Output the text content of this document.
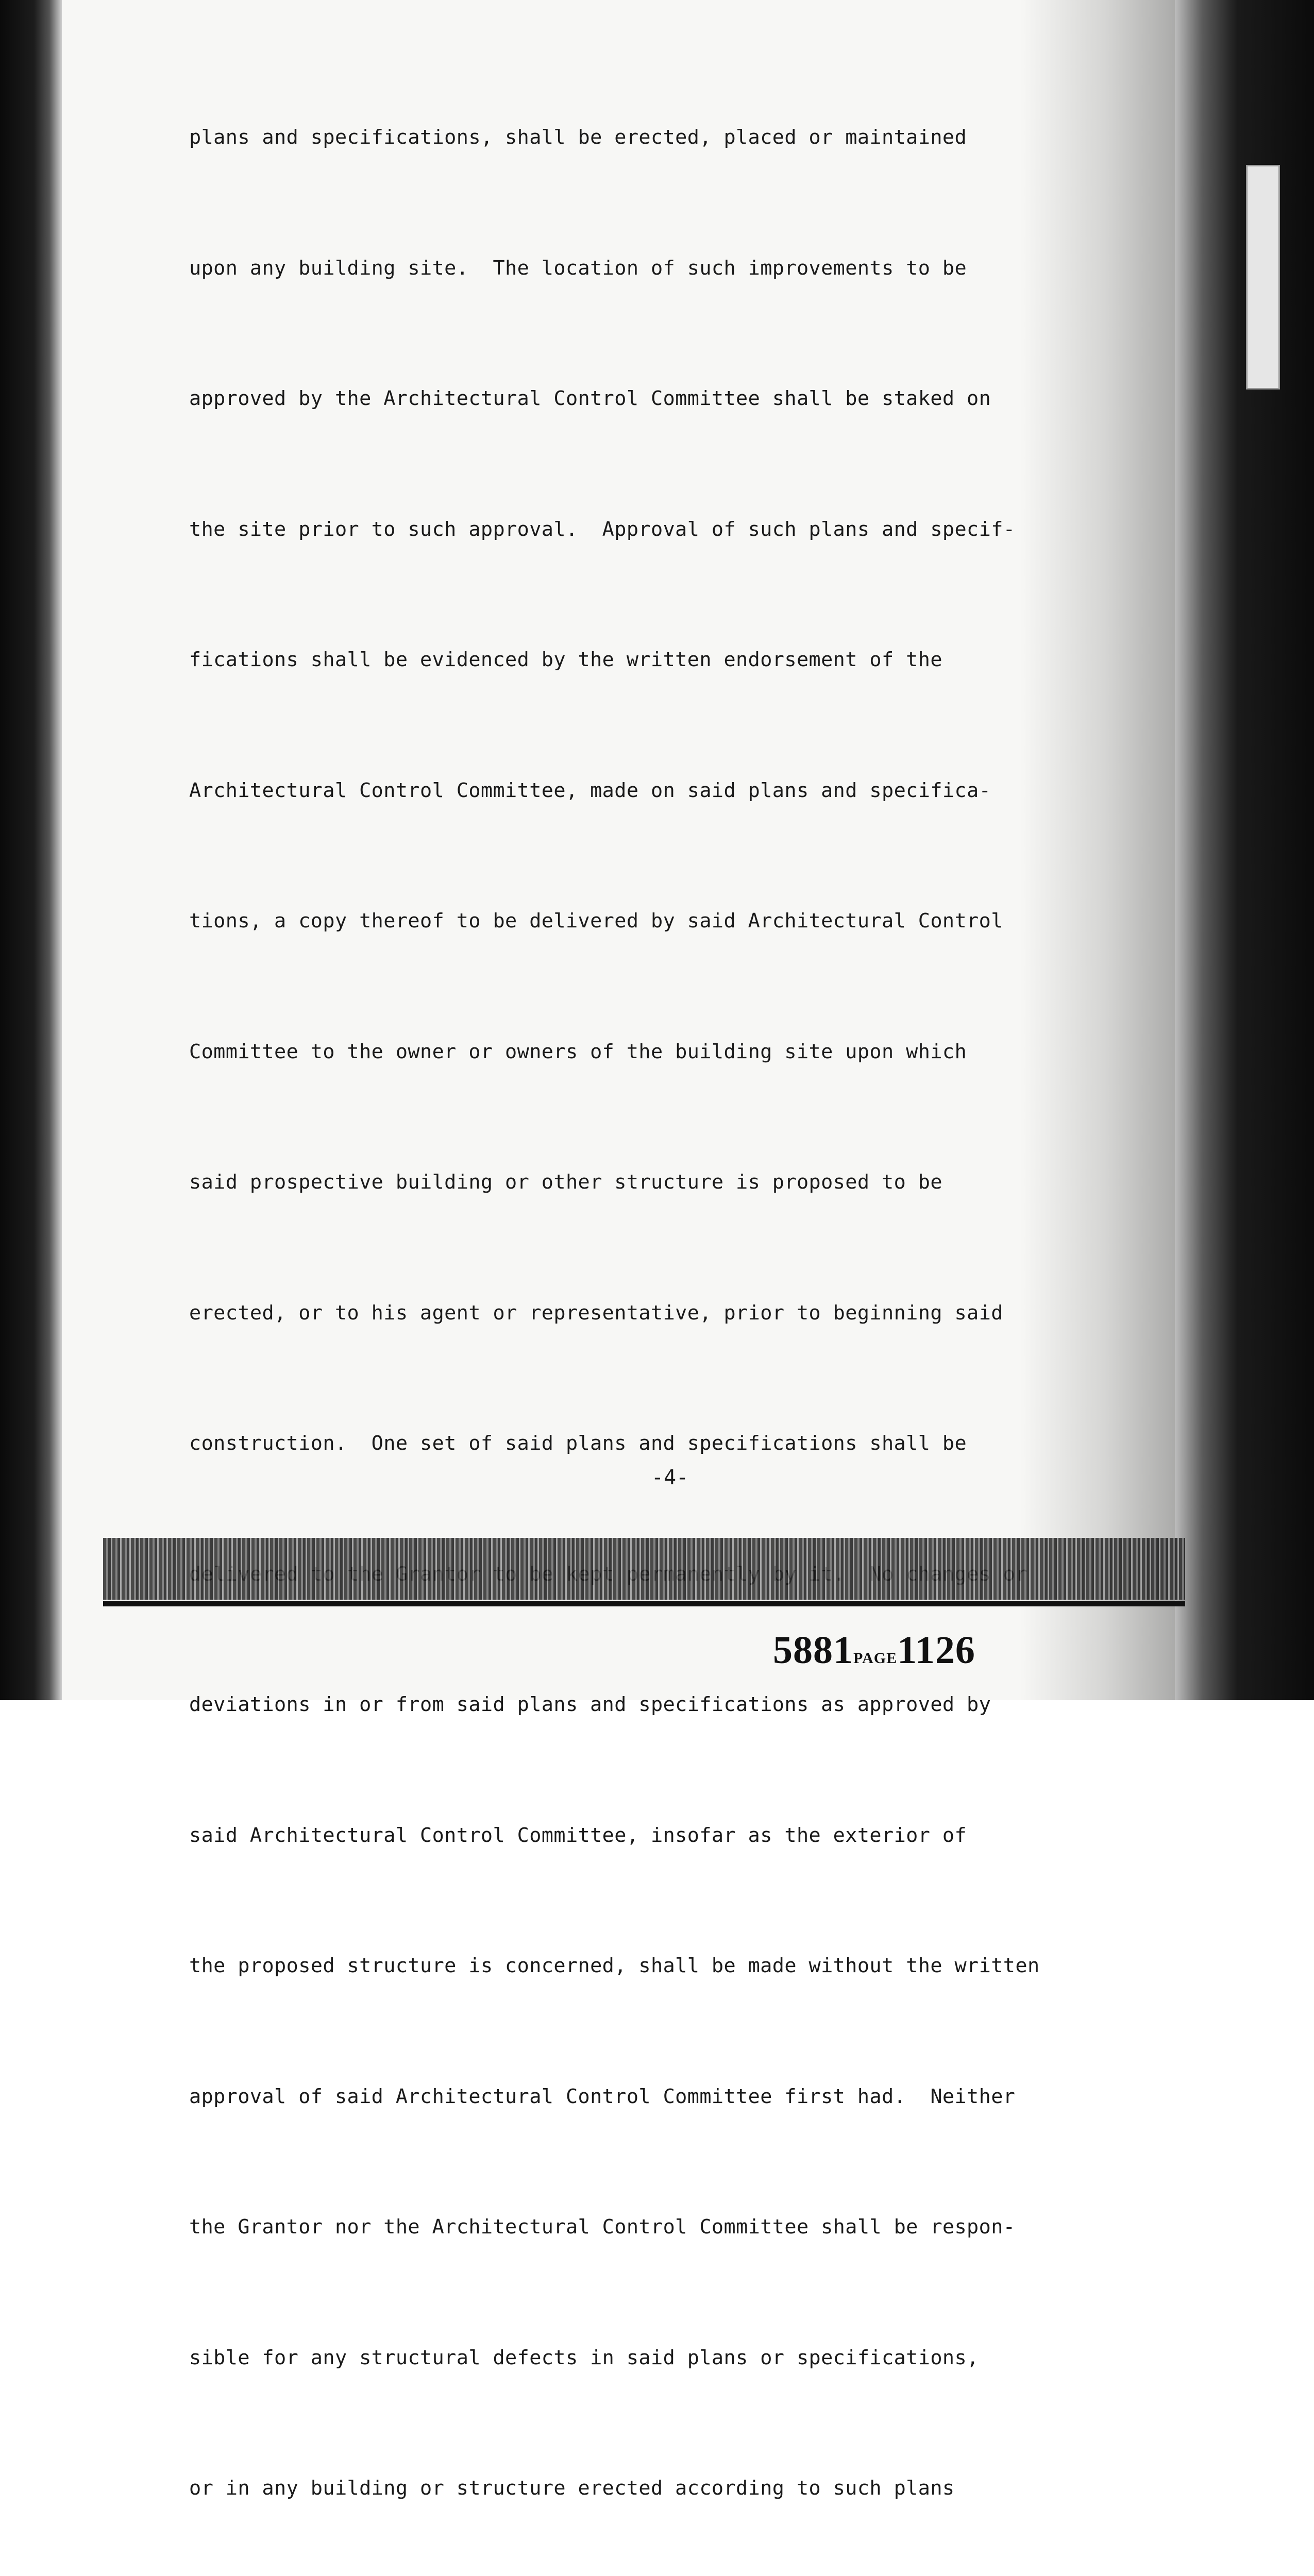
plans and specifications, shall be erected, placed or maintained

upon any building site.  The location of such improvements to be

approved by the Architectural Control Committee shall be staked on

the site prior to such approval.  Approval of such plans and specif-

fications shall be evidenced by the written endorsement of the

Architectural Control Committee, made on said plans and specifica-

tions, a copy thereof to be delivered by said Architectural Control

Committee to the owner or owners of the building site upon which

said prospective building or other structure is proposed to be

erected, or to his agent or representative, prior to beginning said

construction.  One set of said plans and specifications shall be

deviations in or from said plans and specifications as approved by

said Architectural Control Committee, insofar as the exterior of

the proposed structure is concerned, shall be made without the written

approval of said Architectural Control Committee first had.  Neither

the Grantor nor the Architectural Control Committee shall be respon-

sible for any structural defects in said plans or specifications,

or in any building or structure erected according to such plans

-4-
5881PAGE1126
